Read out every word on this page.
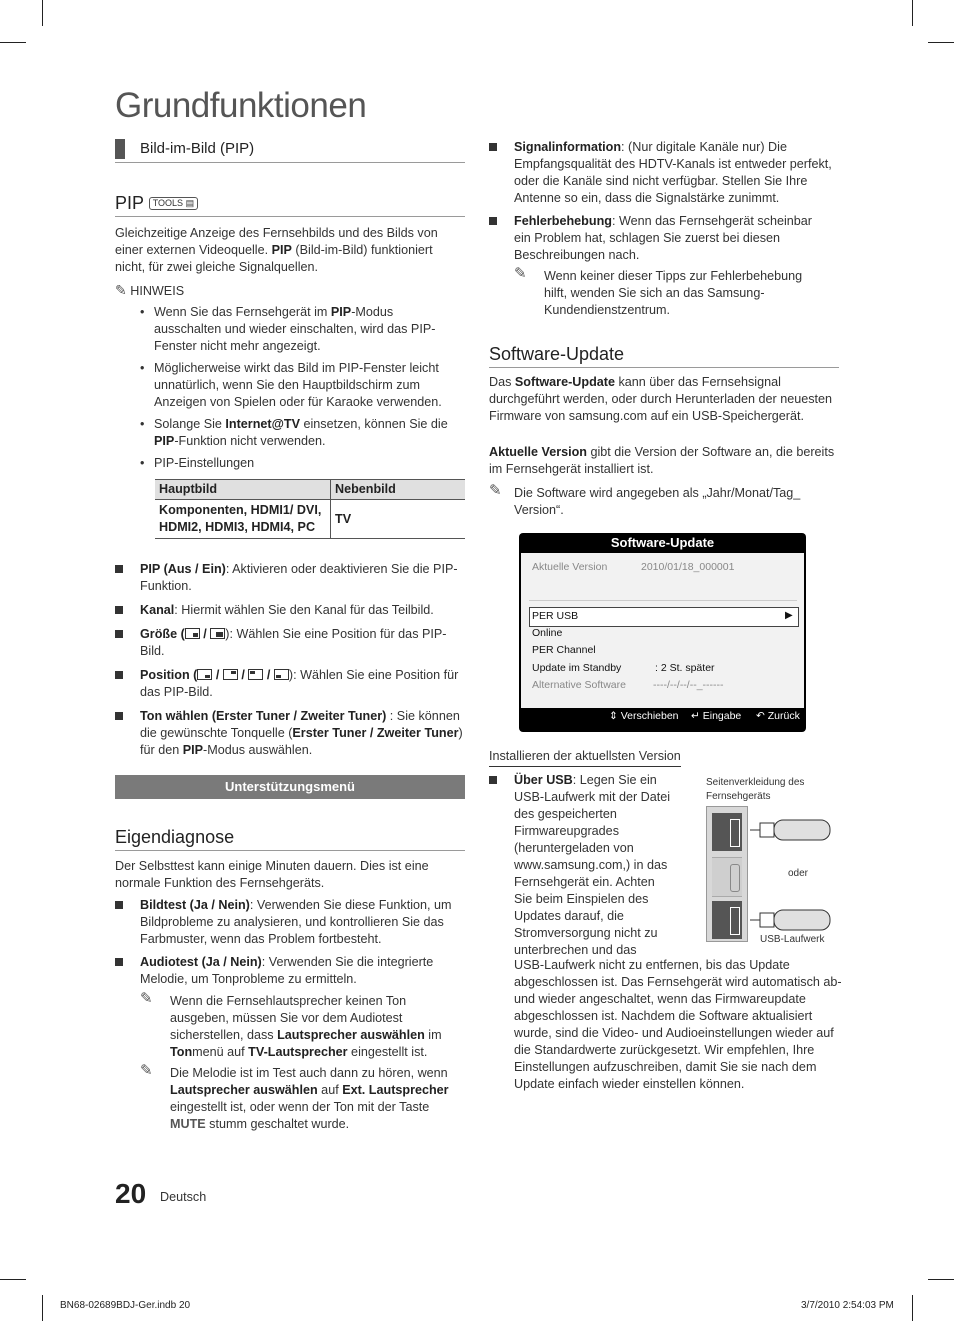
Grundfunktionen
Bild-im-Bild (PIP)
PIP TOOLS ▤
Gleichzeitige Anzeige des Fernsehbilds und des Bilds von einer externen Videoquelle. PIP (Bild-im-Bild) funktioniert nicht, für zwei gleiche Signalquellen.
✎ HINWEIS
• Wenn Sie das Fernsehgerät im PIP-Modus ausschalten und wieder einschalten, wird das PIP-Fenster nicht mehr angezeigt.
• Möglicherweise wirkt das Bild im PIP-Fenster leicht unnatürlich, wenn Sie den Hauptbildschirm zum Anzeigen von Spielen oder für Karaoke verwenden.
• Solange Sie Internet@TV einsetzen, können Sie die PIP-Funktion nicht verwenden.
• PIP-Einstellungen
Hauptbild	Nebenbild
Komponenten, HDMI1/ DVI, HDMI2, HDMI3, HDMI4, PC	TV
PIP (Aus / Ein): Aktivieren oder deaktivieren Sie die PIP-Funktion.
Kanal: Hiermit wählen Sie den Kanal für das Teilbild.
Größe ( / ): Wählen Sie eine Position für das PIP-Bild.
Position ( / / / ): Wählen Sie eine Position für das PIP-Bild.
Ton wählen (Erster Tuner / Zweiter Tuner) : Sie können die gewünschte Tonquelle (Erster Tuner / Zweiter Tuner) für den PIP-Modus auswählen.
Unterstützungsmenü
Eigendiagnose
Der Selbsttest kann einige Minuten dauern. Dies ist eine normale Funktion des Fernsehgeräts.
Bildtest (Ja / Nein): Verwenden Sie diese Funktion, um Bildprobleme zu analysieren, und kontrollieren Sie das Farbmuster, wenn das Problem fortbesteht.
Audiotest (Ja / Nein): Verwenden Sie die integrierte Melodie, um Tonprobleme zu ermitteln.
✎ Wenn die Fernsehlautsprecher keinen Ton ausgeben, müssen Sie vor dem Audiotest sicherstellen, dass Lautsprecher auswählen im Tonmenü auf TV-Lautsprecher eingestellt ist.
✎ Die Melodie ist im Test auch dann zu hören, wenn Lautsprecher auswählen auf Ext. Lautsprecher eingestellt ist, oder wenn der Ton mit der Taste MUTE stumm geschaltet wurde.
Signalinformation: (Nur digitale Kanäle nur) Die Empfangsqualität des HDTV-Kanals ist entweder perfekt, oder die Kanäle sind nicht verfügbar. Stellen Sie Ihre Antenne so ein, dass die Signalstärke zunimmt.
Fehlerbehebung: Wenn das Fernsehgerät scheinbar ein Problem hat, schlagen Sie zuerst bei diesen Beschreibungen nach.
✎ Wenn keiner dieser Tipps zur Fehlerbehebung hilft, wenden Sie sich an das Samsung-Kundendienstzentrum.
Software-Update
Das Software-Update kann über das Fernsehsignal durchgeführt werden, oder durch Herunterladen der neuesten Firmware von samsung.com auf ein USB-Speichergerät.
Aktuelle Version gibt die Version der Software an, die bereits im Fernsehgerät installiert ist.
✎ Die Software wird angegeben als „Jahr/Monat/Tag_ Version“.
Software-Update
Aktuelle Version	2010/01/18_000001
PER USB	▶
Online
PER Channel
Update im Standby	: 2 St. später
Alternative Software	----/--/--/--_------
⇕ Verschieben ↵ Eingabe ↶ Zurück
Installieren der aktuellsten Version
Über USB: Legen Sie ein USB-Laufwerk mit der Datei des gespeicherten Firmwareupgrades (heruntergeladen von www.samsung.com,) in das Fernsehgerät ein. Achten Sie beim Einspielen des Updates darauf, die Stromversorgung nicht zu unterbrechen und das
USB-Laufwerk nicht zu entfernen, bis das Update abgeschlossen ist. Das Fernsehgerät wird automatisch ab- und wieder angeschaltet, wenn das Firmwareupdate abgeschlossen ist. Nachdem die Software aktualisiert wurde, sind die Video- und Audioeinstellungen wieder auf die Standardwerte zurückgesetzt. Wir empfehlen, Ihre Einstellungen aufzuschreiben, damit Sie sie nach dem Update einfach wieder einstellen können.
Seitenverkleidung des Fernsehgeräts
oder
USB-Laufwerk
20 Deutsch
BN68-02689BDJ-Ger.indb 20	3/7/2010 2:54:03 PM
